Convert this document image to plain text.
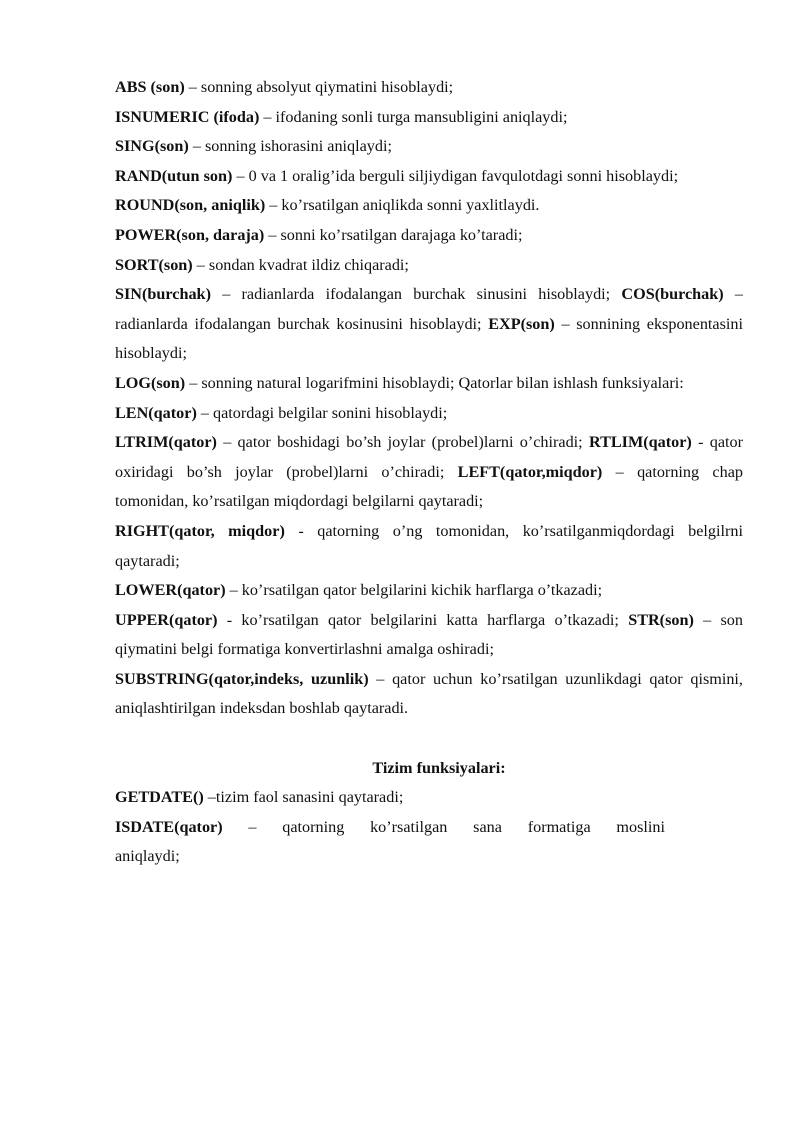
ABS (son) – sonning absolyut qiymatini hisoblaydi;

ISNUMERIC (ifoda) – ifodaning sonli turga mansubligini aniqlaydi;

SING(son) – sonning ishorasini aniqlaydi;

RAND(utun son) – 0 va 1 oralig’ida berguli siljiydigan favqulotdagi sonni hisoblaydi;

ROUND(son, aniqlik) – ko’rsatilgan aniqlikda sonni yaxlitlaydi.

POWER(son, daraja) – sonni ko’rsatilgan darajaga ko’taradi;

SORT(son) – sondan kvadrat ildiz chiqaradi;

SIN(burchak) – radianlarda ifodalangan burchak sinusini hisoblaydi; COS(burchak) – radianlarda ifodalangan burchak kosinusini hisoblaydi; EXP(son) – sonnining eksponentasini hisoblaydi;

LOG(son) – sonning natural logarifmini hisoblaydi; Qatorlar bilan ishlash funksiyalari:

LEN(qator) – qatordagi belgilar sonini hisoblaydi;

LTRIM(qator) – qator boshidagi bo’sh joylar (probel)larni o’chiradi; RTLIM(qator) - qator oxiridagi bo’sh joylar (probel)larni o’chiradi; LEFT(qator,miqdor) – qatorning chap tomonidan, ko’rsatilgan miqdordagi belgilarni qaytaradi;

RIGHT(qator, miqdor) - qatorning o’ng tomonidan, ko’rsatilganmiqdordagi belgilrni qaytaradi;

LOWER(qator) – ko’rsatilgan qator belgilarini kichik harflarga o’tkazadi;

UPPER(qator) - ko’rsatilgan qator belgilarini katta harflarga o’tkazadi; STR(son) – son qiymatini belgi formatiga konvertirlashni amalga oshiradi;

SUBSTRING(qator,indeks, uzunlik) – qator uchun ko’rsatilgan uzunlikdagi qator qismini, aniqlashtirilgan indeksdan boshlab qaytaradi.

Tizim funksiyalari:

GETDATE() –tizim faol sanasini qaytaradi;

ISDATE(qator) – qatorning ko’rsatilgan sana formatiga moslini

aniqlaydi;
